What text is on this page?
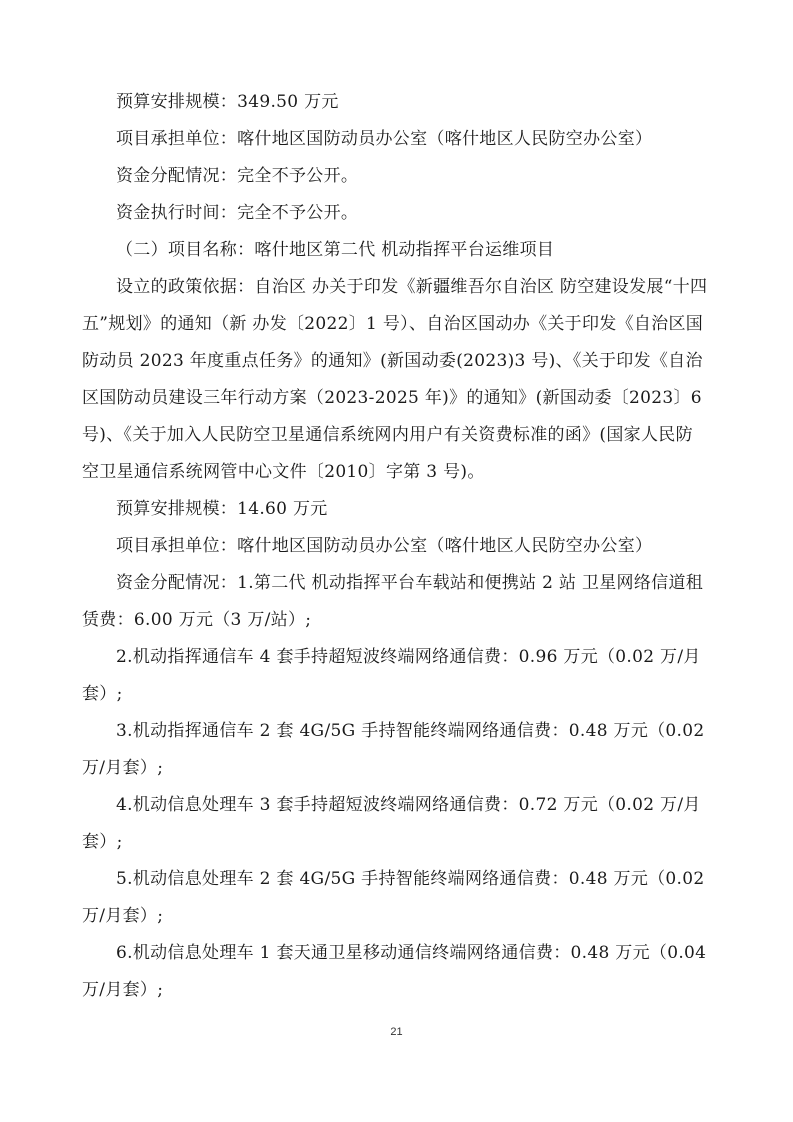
预算安排规模：349.50 万元

项目承担单位：喀什地区国防动员办公室（喀什地区人民防空办公室）

资金分配情况：完全不予公开。

资金执行时间：完全不予公开。

（二）项目名称：喀什地区第二代 机动指挥平台运维项目

设立的政策依据：自治区 办关于印发《新疆维吾尔自治区 防空建设发展“十四五”规划》的通知（新 办发〔2022〕1 号）、自治区国动办《关于印发《自治区国防动员 2023 年度重点任务》的通知》(新国动委(2023)3 号)、《关于印发《自治区国防动员建设三年行动方案（2023-2025 年)》的通知》(新国动委〔2023〕6 号)、《关于加入人民防空卫星通信系统网内用户有关资费标准的函》(国家人民防空卫星通信系统网管中心文件〔2010〕字第 3 号)。

预算安排规模：14.60 万元

项目承担单位：喀什地区国防动员办公室（喀什地区人民防空办公室）

资金分配情况：1.第二代 机动指挥平台车载站和便携站 2 站 卫星网络信道租赁费：6.00 万元（3 万/站）;

2.机动指挥通信车 4 套手持超短波终端网络通信费：0.96 万元（0.02 万/月套）;

3.机动指挥通信车 2 套 4G/5G 手持智能终端网络通信费：0.48 万元（0.02 万/月套）;

4.机动信息处理车 3 套手持超短波终端网络通信费：0.72 万元（0.02 万/月套）;

5.机动信息处理车 2 套 4G/5G 手持智能终端网络通信费：0.48 万元（0.02 万/月套）;

6.机动信息处理车 1 套天通卫星移动通信终端网络通信费：0.48 万元（0.04 万/月套）;

21
